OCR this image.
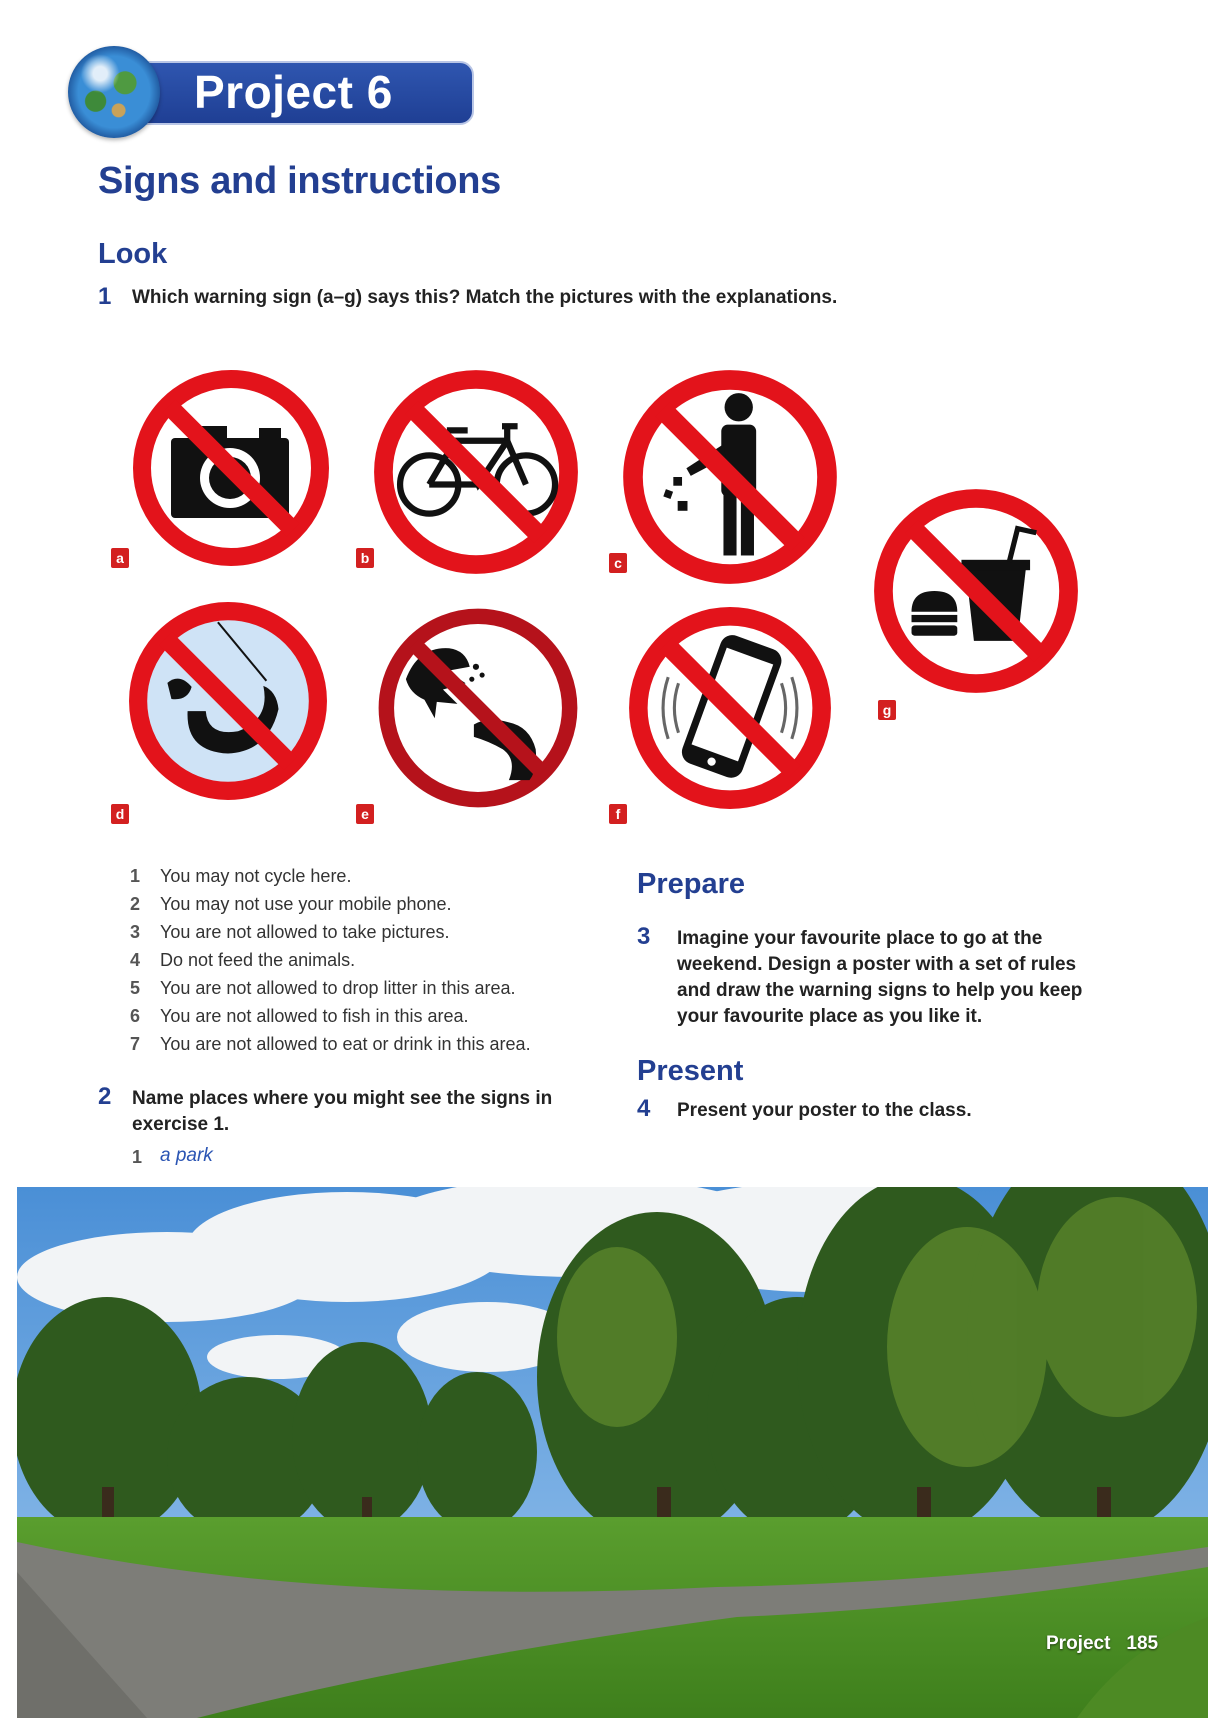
Project 6
Signs and instructions
Look
1 Which warning sign (a–g) says this? Match the pictures with the explanations.
a	b	c
g
d	e	f
1	You may not cycle here.
2	You may not use your mobile phone.
3	You are not allowed to take pictures.
4	Do not feed the animals.
5	You are not allowed to drop litter in this area.
6	You are not allowed to fish in this area.
7	You are not allowed to eat or drink in this area.
2 Name places where you might see the signs in
exercise 1.
1 a park
Prepare
3 Imagine your favourite place to go at the
weekend. Design a poster with a set of rules
and draw the warning signs to help you keep
your favourite place as you like it.
Present
4 Present your poster to the class.
Project 185
